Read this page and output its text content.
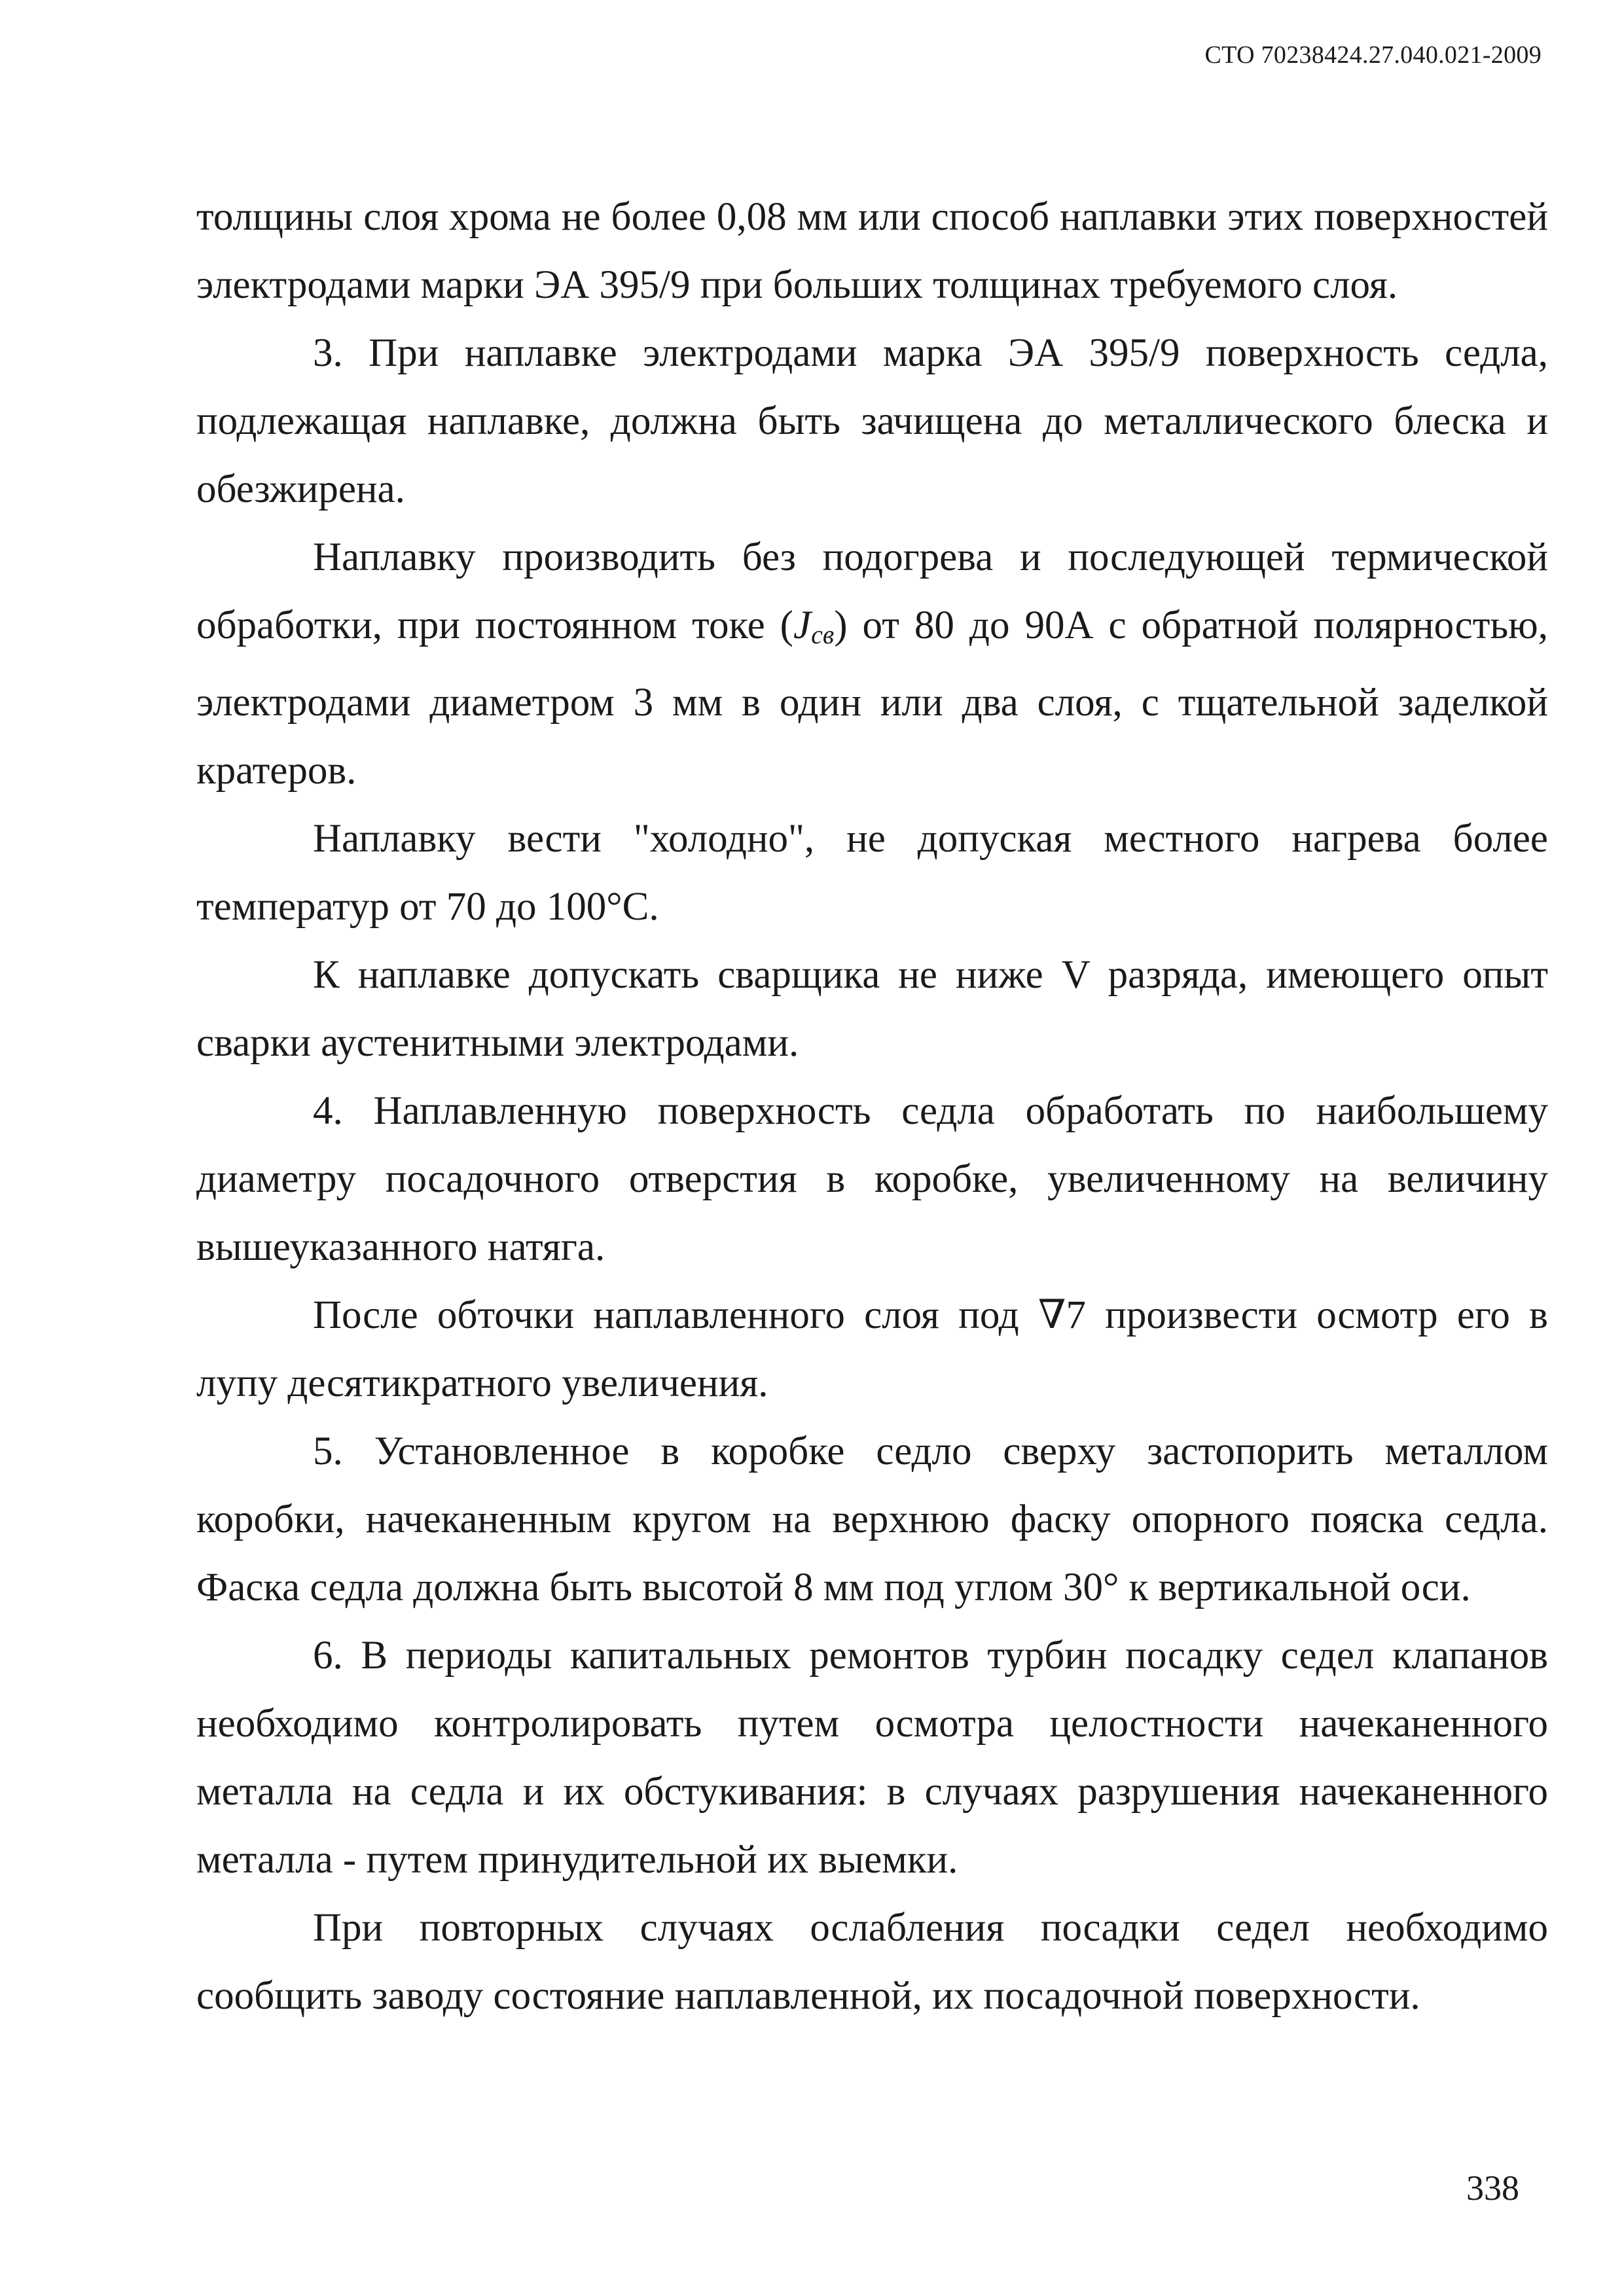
СТО 70238424.27.040.021-2009

толщины слоя хрома не более 0,08 мм или способ наплавки этих поверхностей электродами марки ЭА 395/9 при больших толщинах требуемого слоя.

3. При наплавке электродами марка ЭА 395/9 поверхность седла, подлежащая наплавке, должна быть зачищена до металлического блеска и обезжирена.

Наплавку производить без подогрева и последующей термической обработки, при постоянном токе $(J_{св})$ от 80 до 90А с обратной полярностью, электродами диаметром 3 мм в один или два слоя, с тщательной заделкой кратеров.

Наплавку вести "холодно", не допуская местного нагрева более температур от 70 до 100°С.

К наплавке допускать сварщика не ниже V разряда, имеющего опыт сварки аустенитными электродами.

4. Наплавленную поверхность седла обработать по наибольшему диаметру посадочного отверстия в коробке, увеличенному на величину вышеуказанного натяга.

После обточки наплавленного слоя под ∇7 произвести осмотр его в лупу десятикратного увеличения.

5. Установленное в коробке седло сверху застопорить металлом коробки, начеканенным кругом на верхнюю фаску опорного пояска седла. Фаска седла должна быть высотой 8 мм под углом 30° к вертикальной оси.

6. В периоды капитальных ремонтов турбин посадку седел клапанов необходимо контролировать путем осмотра целостности начеканенного металла на седла и их обстукивания: в случаях разрушения начеканенного металла - путем принудительной их выемки.

При повторных случаях ослабления посадки седел необходимо сообщить заводу состояние наплавленной, их посадочной поверхности.

338
